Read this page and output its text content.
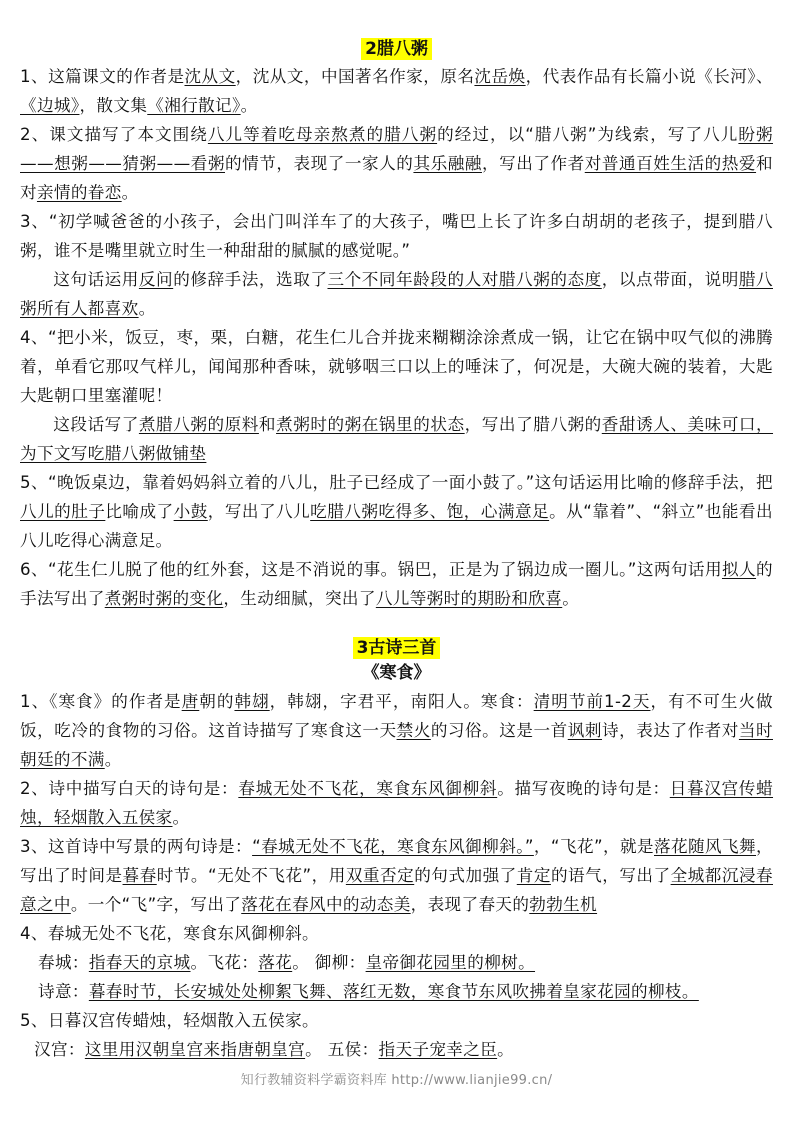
2腊八粥

1、这篇课文的作者是沈从文，沈从文，中国著名作家，原名沈岳焕，代表作品有长篇小说《长河》、《边城》，散文集《湘行散记》。

2、课文描写了本文围绕八儿等着吃母亲熬煮的腊八粥的经过，以“腊八粥”为线索，写了八儿盼粥——想粥——猜粥——看粥的情节，表现了一家人的其乐融融，写出了作者对普通百姓生活的热爱和对亲情的眷恋。

3、“初学喊爸爸的小孩子，会出门叫洋车了的大孩子，嘴巴上长了许多白胡胡的老孩子，提到腊八粥，谁不是嘴里就立时生一种甜甜的腻腻的感觉呢。”

这句话运用反问的修辞手法，选取了三个不同年龄段的人对腊八粥的态度，以点带面，说明腊八粥所有人都喜欢。

4、“把小米，饭豆，枣，栗，白糖，花生仁儿合并拢来糊糊涂涂煮成一锅，让它在锅中叹气似的沸腾着，单看它那叹气样儿，闻闻那种香味，就够咽三口以上的唾沫了，何况是，大碗大碗的装着，大匙大匙朝口里塞灌呢！

这段话写了煮腊八粥的原料和煮粥时的粥在锅里的状态，写出了腊八粥的香甜诱人、美味可口，为下文写吃腊八粥做铺垫

5、“晚饭桌边，靠着妈妈斜立着的八儿，肚子已经成了一面小鼓了。”这句话运用比喻的修辞手法，把八儿的肚子比喻成了小鼓，写出了八儿吃腊八粥吃得多、饱，心满意足。从“靠着”、“斜立”也能看出八儿吃得心满意足。

6、“花生仁儿脱了他的红外套，这是不消说的事。锅巴，正是为了锅边成一圈儿。”这两句话用拟人的手法写出了煮粥时粥的变化，生动细腻，突出了八儿等粥时的期盼和欣喜。

3古诗三首
《寒食》

1、《寒食》的作者是唐朝的韩翃，韩翃，字君平，南阳人。寒食：清明节前1-2天，有不可生火做饭，吃冷的食物的习俗。这首诗描写了寒食这一天禁火的习俗。这是一首讽刺诗，表达了作者对当时朝廷的不满。

2、诗中描写白天的诗句是：春城无处不飞花，寒食东风御柳斜。描写夜晚的诗句是：日暮汉宫传蜡烛，轻烟散入五侯家。

3、这首诗中写景的两句诗是：“春城无处不飞花，寒食东风御柳斜。”，“飞花”，就是落花随风飞舞，写出了时间是暮春时节。“无处不飞花”，用双重否定的句式加强了肯定的语气，写出了全城都沉浸春意之中。一个“飞”字，写出了落花在春风中的动态美，表现了春天的勃勃生机

4、春城无处不飞花，寒食东风御柳斜。

春城：指春天的京城。飞花：落花。 御柳：皇帝御花园里的柳树。

诗意：暮春时节，长安城处处柳絮飞舞、落红无数，寒食节东风吹拂着皇家花园的柳枝。

5、日暮汉宫传蜡烛，轻烟散入五侯家。

汉宫：这里用汉朝皇宫来指唐朝皇宫。 五侯：指天子宠幸之臣。

知行教辅资料学霸资料库 http://www.lianjie99.cn/
